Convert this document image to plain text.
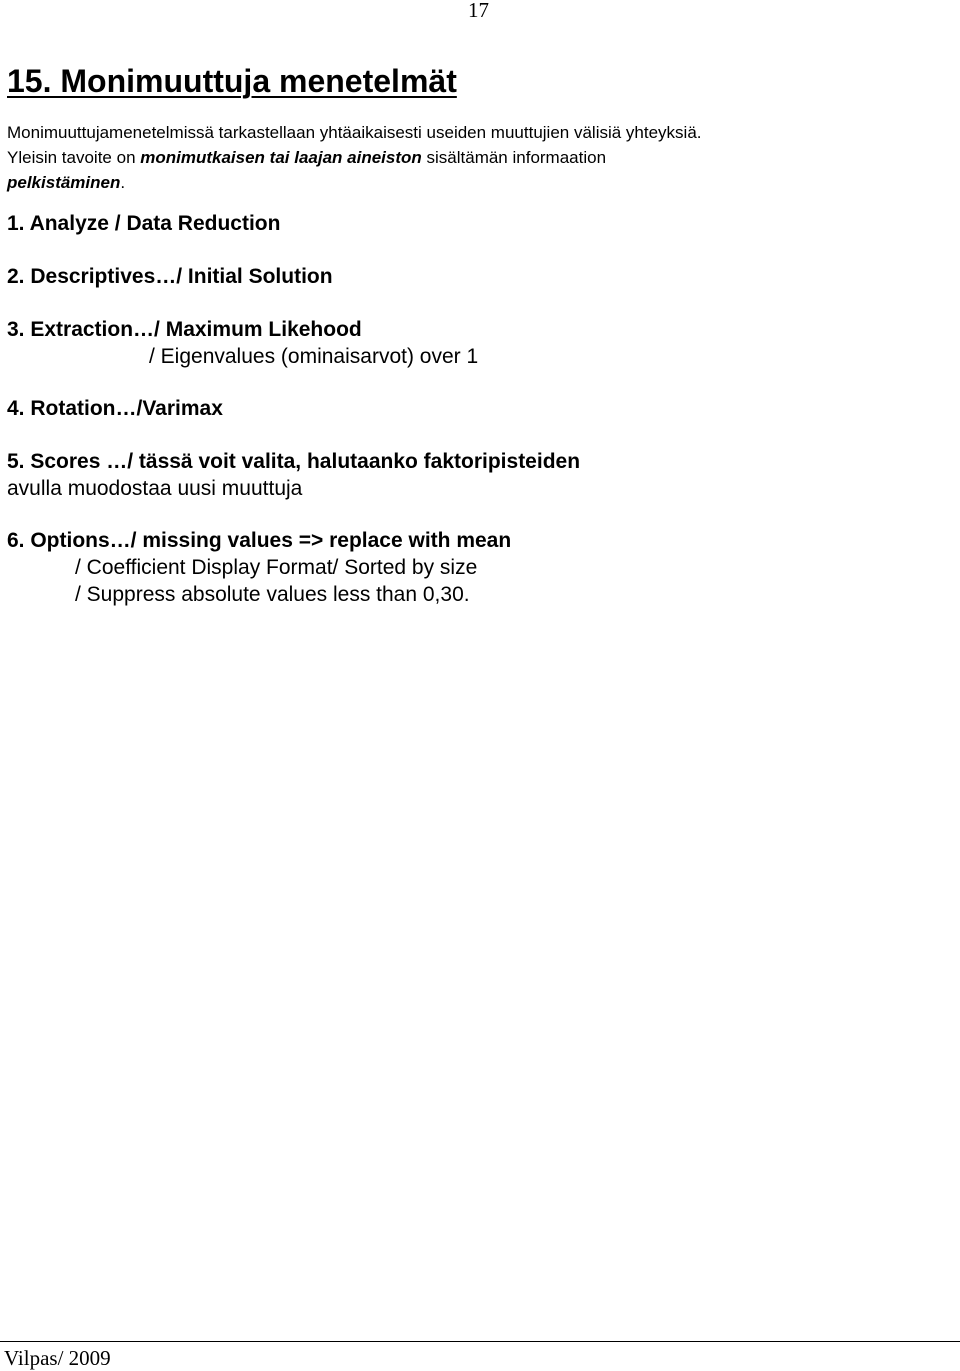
17
15. Monimuuttuja menetelmät

Monimuuttujamenetelmissä tarkastellaan yhtäaikaisesti useiden muuttujien välisiä yhteyksiä.
Yleisin tavoite on monimutkaisen tai laajan aineiston sisältämän informaation
pelkistäminen.

1. Analyze / Data Reduction
2. Descriptives…/ Initial Solution
3. Extraction…/ Maximum Likehood
/ Eigenvalues (ominaisarvot) over 1
4. Rotation…/Varimax
5. Scores …/ tässä voit valita, halutaanko faktoripisteiden
avulla muodostaa uusi muuttuja
6. Options…/ missing values => replace with mean
/ Coefficient Display Format/ Sorted by size
/ Suppress absolute values less than 0,30.
Vilpas/ 2009
